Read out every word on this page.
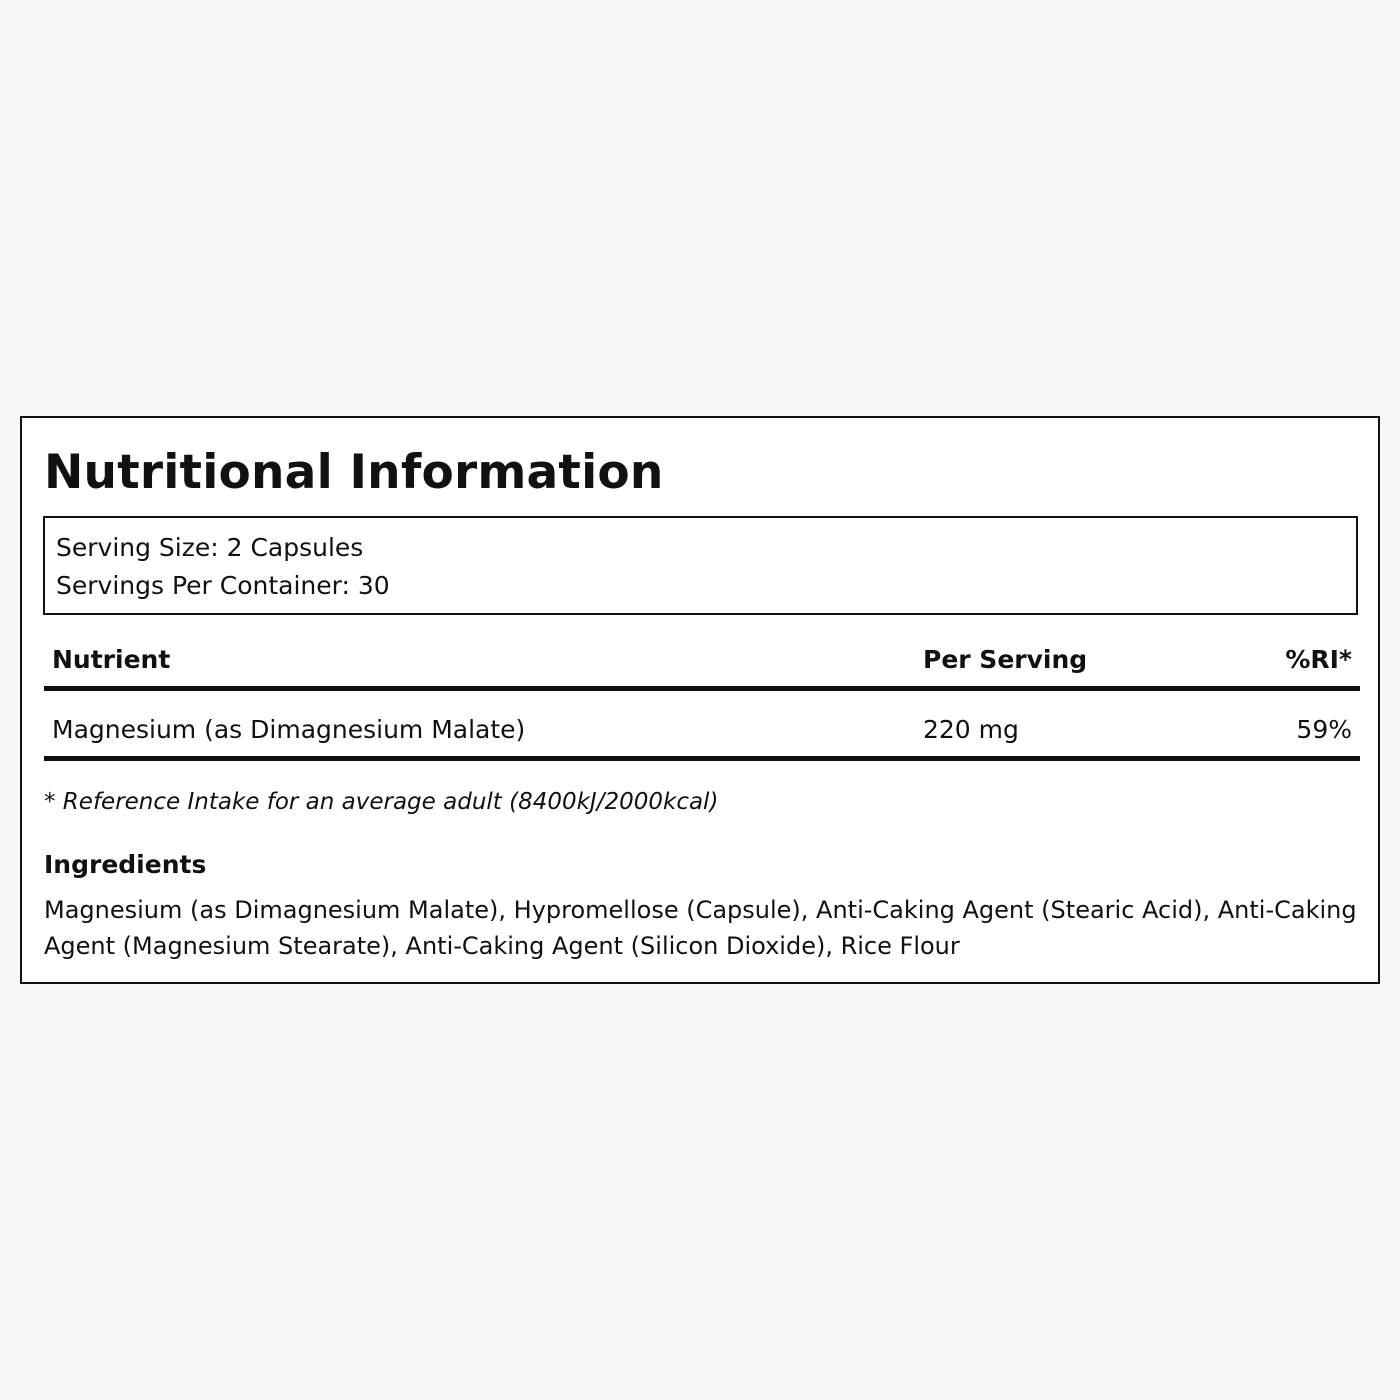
Nutritional Information
Serving Size: 2 Capsules
Servings Per Container: 30
Nutrient	Per Serving	%RI*
Magnesium (as Dimagnesium Malate)	220 mg	59%
* Reference Intake for an average adult (8400kJ/2000kcal)
Ingredients

Magnesium (as Dimagnesium Malate), Hypromellose (Capsule), Anti-Caking Agent (Stearic Acid), Anti-Caking Agent (Magnesium Stearate), Anti-Caking Agent (Silicon Dioxide), Rice Flour
